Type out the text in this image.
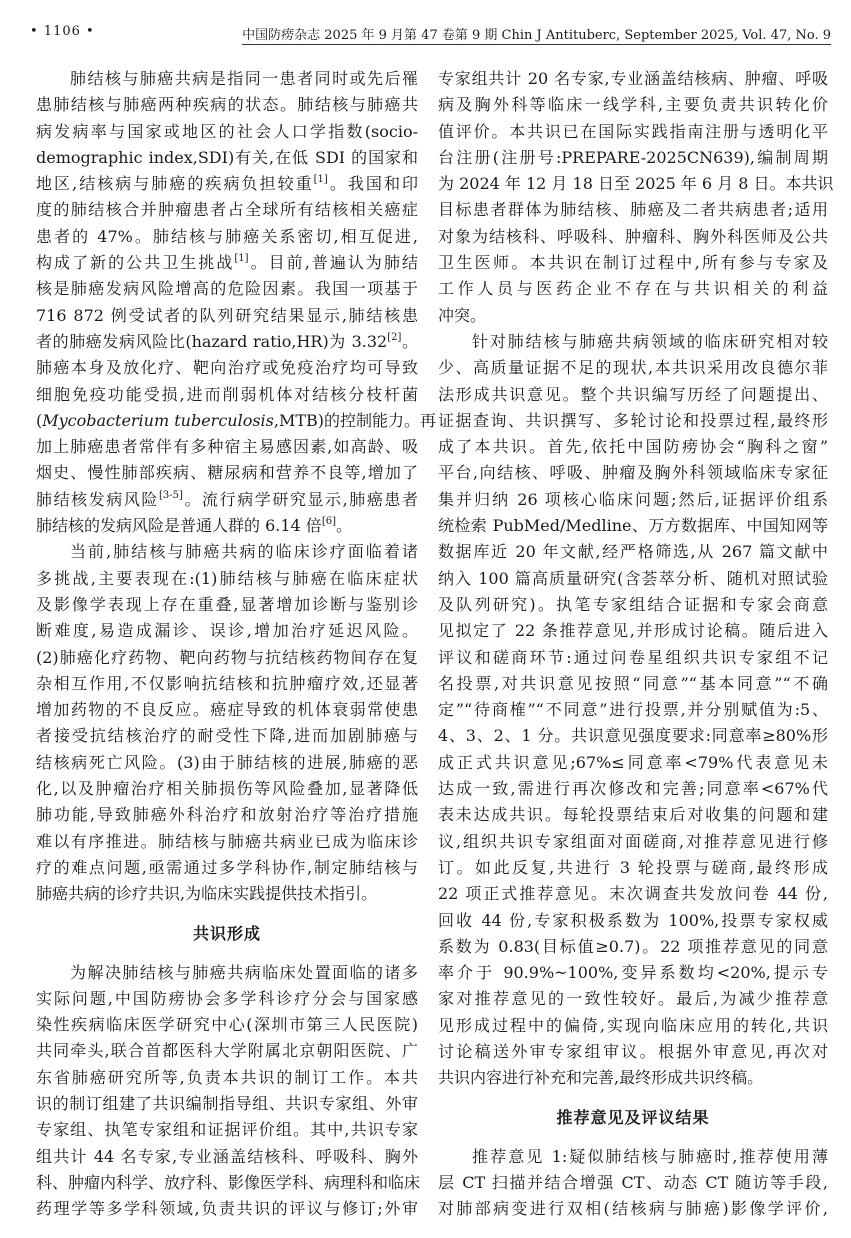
• 1106 •	中国防痨杂志 2025 年 9 月第 47 卷第 9 期 Chin J Antituberc, September 2025, Vol. 47, No. 9
肺结核与肺癌共病是指同一患者同时或先后罹
患肺结核与肺癌两种疾病的状态。肺结核与肺癌共
病发病率与国家或地区的社会人口学指数(socio-
demographic index,SDI)有关,在低 SDI 的国家和
地区,结核病与肺癌的疾病负担较重[1]。我国和印
度的肺结核合并肿瘤患者占全球所有结核相关癌症
患者的 47%。肺结核与肺癌关系密切,相互促进,
构成了新的公共卫生挑战[1]。目前,普遍认为肺结
核是肺癌发病风险增高的危险因素。我国一项基于
716 872 例受试者的队列研究结果显示,肺结核患
者的肺癌发病风险比(hazard ratio,HR)为 3.32[2]。
肺癌本身及放化疗、靶向治疗或免疫治疗均可导致
细胞免疫功能受损,进而削弱机体对结核分枝杆菌
(Mycobacterium tuberculosis,MTB)的控制能力。再
加上肺癌患者常伴有多种宿主易感因素,如高龄、吸
烟史、慢性肺部疾病、糖尿病和营养不良等,增加了
肺结核发病风险[3-5]。流行病学研究显示,肺癌患者
肺结核的发病风险是普通人群的 6.14 倍[6]。
当前,肺结核与肺癌共病的临床诊疗面临着诸
多挑战,主要表现在:(1)肺结核与肺癌在临床症状
及影像学表现上存在重叠,显著增加诊断与鉴别诊
断难度,易造成漏诊、误诊,增加治疗延迟风险。
(2)肺癌化疗药物、靶向药物与抗结核药物间存在复
杂相互作用,不仅影响抗结核和抗肿瘤疗效,还显著
增加药物的不良反应。癌症导致的机体衰弱常使患
者接受抗结核治疗的耐受性下降,进而加剧肺癌与
结核病死亡风险。(3)由于肺结核的进展,肺癌的恶
化,以及肿瘤治疗相关肺损伤等风险叠加,显著降低
肺功能,导致肺癌外科治疗和放射治疗等治疗措施
难以有序推进。肺结核与肺癌共病业已成为临床诊
疗的难点问题,亟需通过多学科协作,制定肺结核与
肺癌共病的诊疗共识,为临床实践提供技术指引。
共识形成
为解决肺结核与肺癌共病临床处置面临的诸多
实际问题,中国防痨协会多学科诊疗分会与国家感
染性疾病临床医学研究中心(深圳市第三人民医院)
共同牵头,联合首都医科大学附属北京朝阳医院、广
东省肺癌研究所等,负责本共识的制订工作。本共
识的制订组建了共识编制指导组、共识专家组、外审
专家组、执笔专家组和证据评价组。其中,共识专家
组共计 44 名专家,专业涵盖结核科、呼吸科、胸外
科、肿瘤内科学、放疗科、影像医学科、病理科和临床
药理学等多学科领域,负责共识的评议与修订;外审
专家组共计 20 名专家,专业涵盖结核病、肿瘤、呼吸
病及胸外科等临床一线学科,主要负责共识转化价
值评价。本共识已在国际实践指南注册与透明化平
台注册(注册号:PREPARE-2025CN639),编制周期
为 2024 年 12 月 18 日至 2025 年 6 月 8 日。本共识
目标患者群体为肺结核、肺癌及二者共病患者;适用
对象为结核科、呼吸科、肿瘤科、胸外科医师及公共
卫生医师。本共识在制订过程中,所有参与专家及
工作人员与医药企业不存在与共识相关的利益
冲突。
针对肺结核与肺癌共病领域的临床研究相对较
少、高质量证据不足的现状,本共识采用改良德尔菲
法形成共识意见。整个共识编写历经了问题提出、
证据查询、共识撰写、多轮讨论和投票过程,最终形
成了本共识。首先,依托中国防痨协会“胸科之窗”
平台,向结核、呼吸、肿瘤及胸外科领域临床专家征
集并归纳 26 项核心临床问题;然后,证据评价组系
统检索 PubMed/Medline、万方数据库、中国知网等
数据库近 20 年文献,经严格筛选,从 267 篇文献中
纳入 100 篇高质量研究(含荟萃分析、随机对照试验
及队列研究)。执笔专家组结合证据和专家会商意
见拟定了 22 条推荐意见,并形成讨论稿。随后进入
评议和磋商环节:通过问卷星组织共识专家组不记
名投票,对共识意见按照“同意”“基本同意”“不确
定”“待商榷”“不同意”进行投票,并分别赋值为:5、
4、3、2、1 分。共识意见强度要求:同意率≥80%形
成正式共识意见;67%≤同意率<79%代表意见未
达成一致,需进行再次修改和完善;同意率<67%代
表未达成共识。每轮投票结束后对收集的问题和建
议,组织共识专家组面对面磋商,对推荐意见进行修
订。如此反复,共进行 3 轮投票与磋商,最终形成
22 项正式推荐意见。末次调查共发放问卷 44 份,
回收 44 份,专家积极系数为 100%,投票专家权威
系数为 0.83(目标值≥0.7)。22 项推荐意见的同意
率介于 90.9%~100%,变异系数均<20%,提示专
家对推荐意见的一致性较好。最后,为减少推荐意
见形成过程中的偏倚,实现向临床应用的转化,共识
讨论稿送外审专家组审议。根据外审意见,再次对
共识内容进行补充和完善,最终形成共识终稿。
推荐意见及评议结果
推荐意见 1:疑似肺结核与肺癌时,推荐使用薄
层 CT 扫描并结合增强 CT、动态 CT 随访等手段,
对肺部病变进行双相(结核病与肺癌)影像学评价,
